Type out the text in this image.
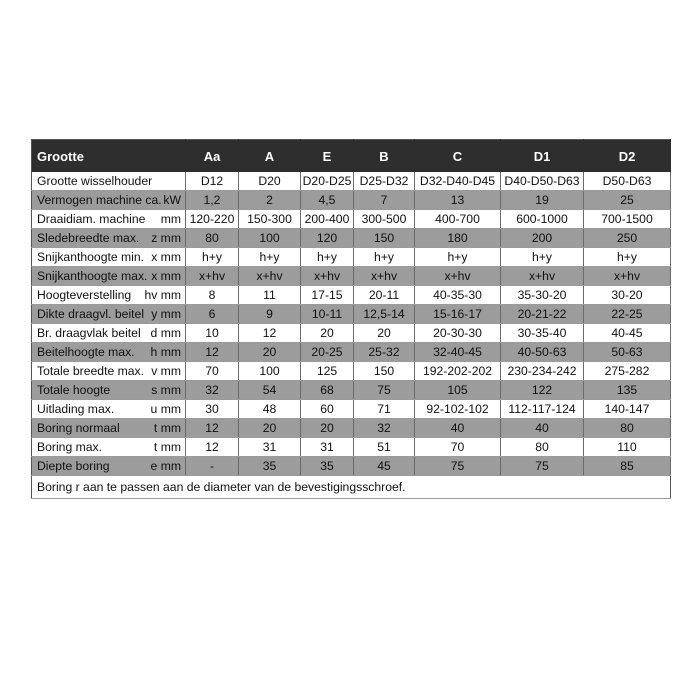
Grootte	Aa	A	E	B	C	D1	D2

Grootte wisselhouder	D12	D20	D20-D25	D25-D32	D32-D40-D45	D40-D50-D63	D50-D63

Vermogen machine ca. kW	1,2	2	4,5	7	13	19	25

Draaidiam. machine mm	120-220	150-300	200-400	300-500	400-700	600-1000	700-1500

Sledebreedte max. z mm	80	100	120	150	180	200	250

Snijkanthoogte min. x mm	h+y	h+y	h+y	h+y	h+y	h+y	h+y

Snijkanthoogte max. x mm	x+hv	x+hv	x+hv	x+hv	x+hv	x+hv	x+hv

Hoogteverstelling hv mm	8	11	17-15	20-11	40-35-30	35-30-20	30-20

Dikte draagvl. beitel y mm	6	9	10-11	12,5-14	15-16-17	20-21-22	22-25

Br. draagvlak beitel d mm	10	12	20	20	20-30-30	30-35-40	40-45

Beitelhoogte max. h mm	12	20	20-25	25-32	32-40-45	40-50-63	50-63

Totale breedte max. v mm	70	100	125	150	192-202-202	230-234-242	275-282

Totale hoogte s mm	32	54	68	75	105	122	135

Uitlading max. u mm	30	48	60	71	92-102-102	112-117-124	140-147

Boring normaal t mm	12	20	20	32	40	40	80

Boring max. t mm	12	31	31	51	70	80	110

Diepte boring e mm	-	35	35	45	75	75	85
Boring r aan te passen aan de diameter van de bevestigingsschroef.							
